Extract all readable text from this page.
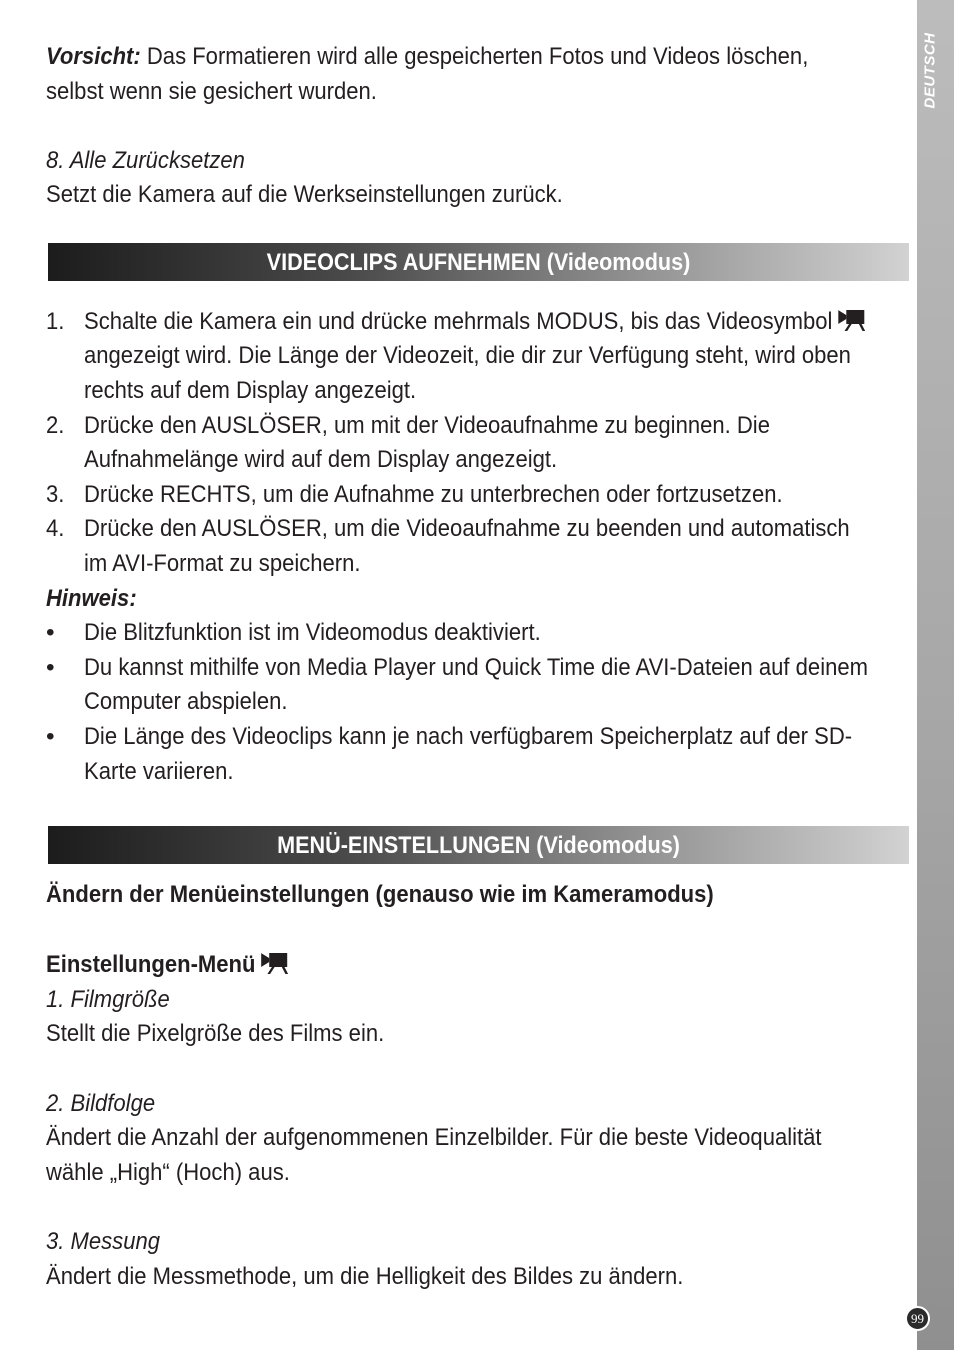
DEUTSCH
99
Vorsicht: Das Formatieren wird alle gespeicherten Fotos und Videos löschen,
selbst wenn sie gesichert wurden.
8. Alle Zurücksetzen
Setzt die Kamera auf die Werkseinstellungen zurück.
VIDEOCLIPS AUFNEHMEN (Videomodus)
1. Schalte die Kamera ein und drücke mehrmals MODUS, bis das Videosymbol
angezeigt wird. Die Länge der Videozeit, die dir zur Verfügung steht, wird oben
rechts auf dem Display angezeigt.
2. Drücke den AUSLÖSER, um mit der Videoaufnahme zu beginnen. Die
Aufnahmelänge wird auf dem Display angezeigt.
3. Drücke RECHTS, um die Aufnahme zu unterbrechen oder fortzusetzen.
4. Drücke den AUSLÖSER, um die Videoaufnahme zu beenden und automatisch
im AVI-Format zu speichern.
Hinweis:
• Die Blitzfunktion ist im Videomodus deaktiviert.
• Du kannst mithilfe von Media Player und Quick Time die AVI-Dateien auf deinem
Computer abspielen.
• Die Länge des Videoclips kann je nach verfügbarem Speicherplatz auf der SD-
Karte variieren.
MENÜ-EINSTELLUNGEN (Videomodus)
Ändern der Menüeinstellungen (genauso wie im Kameramodus)
Einstellungen-Menü
1. Filmgröße
Stellt die Pixelgröße des Films ein.
2. Bildfolge
Ändert die Anzahl der aufgenommenen Einzelbilder. Für die beste Videoqualität
wähle „High“ (Hoch) aus.
3. Messung
Ändert die Messmethode, um die Helligkeit des Bildes zu ändern.
